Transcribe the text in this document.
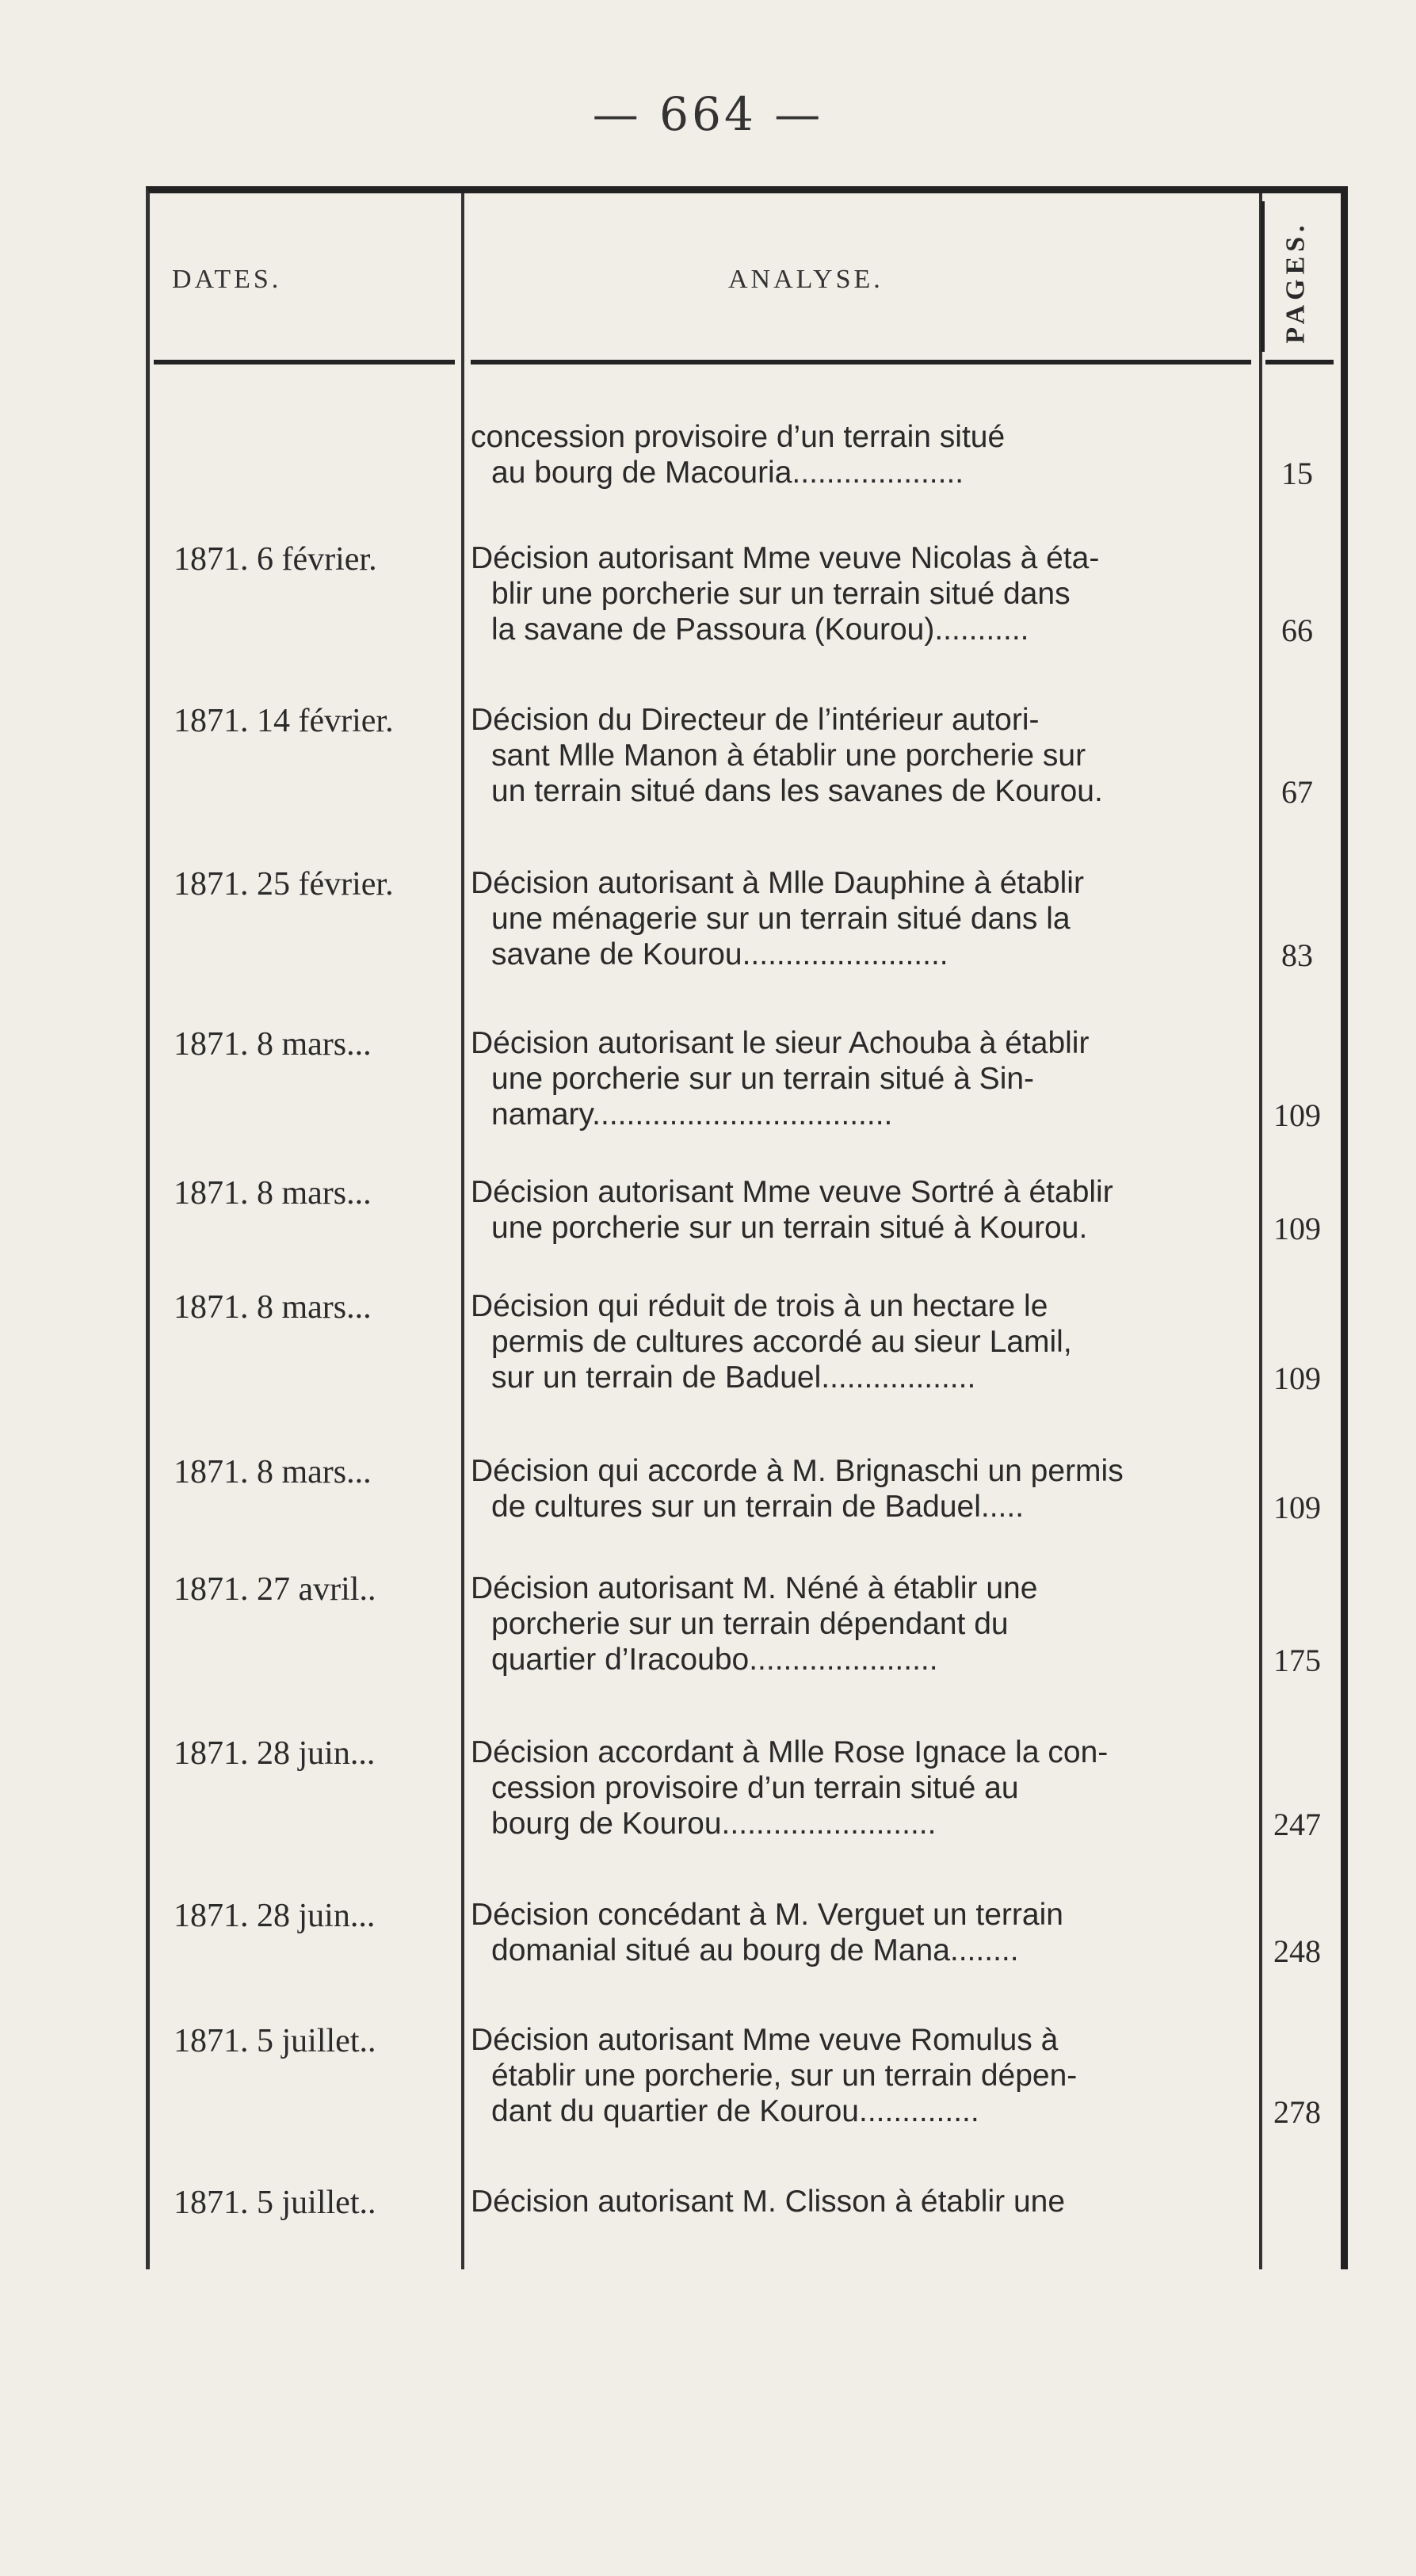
— 664 —
DATES.	ANALYSE.	PAGES.
concession provisoire d’un terrain situé
au bourg de Macouria....................	15
1871. 6 février.	Décision autorisant Mme veuve Nicolas à éta-
blir une porcherie sur un terrain situé dans
la savane de Passoura (Kourou)...........	66
1871. 14 février.	Décision du Directeur de l’intérieur autori-
sant Mlle Manon à établir une porcherie sur
un terrain situé dans les savanes de Kourou.	67
1871. 25 février.	Décision autorisant à Mlle Dauphine à établir
une ménagerie sur un terrain situé dans la
savane de Kourou........................	83
1871. 8 mars...	Décision autorisant le sieur Achouba à établir
une porcherie sur un terrain situé à Sin-
namary...................................	109
1871. 8 mars...	Décision autorisant Mme veuve Sortré à établir
une porcherie sur un terrain situé à Kourou.	109
1871. 8 mars...	Décision qui réduit de trois à un hectare le
permis de cultures accordé au sieur Lamil,
sur un terrain de Baduel..................	109
1871. 8 mars...	Décision qui accorde à M. Brignaschi un permis
de cultures sur un terrain de Baduel.....	109
1871. 27 avril..	Décision autorisant M. Néné à établir une
porcherie sur un terrain dépendant du
quartier d’Iracoubo......................	175
1871. 28 juin...	Décision accordant à Mlle Rose Ignace la con-
cession provisoire d’un terrain situé au
bourg de Kourou.........................	247
1871. 28 juin...	Décision concédant à M. Verguet un terrain
domanial situé au bourg de Mana........	248
1871. 5 juillet..	Décision autorisant Mme veuve Romulus à
établir une porcherie, sur un terrain dépen-
dant du quartier de Kourou..............	278
1871. 5 juillet..	Décision autorisant M. Clisson à établir une
